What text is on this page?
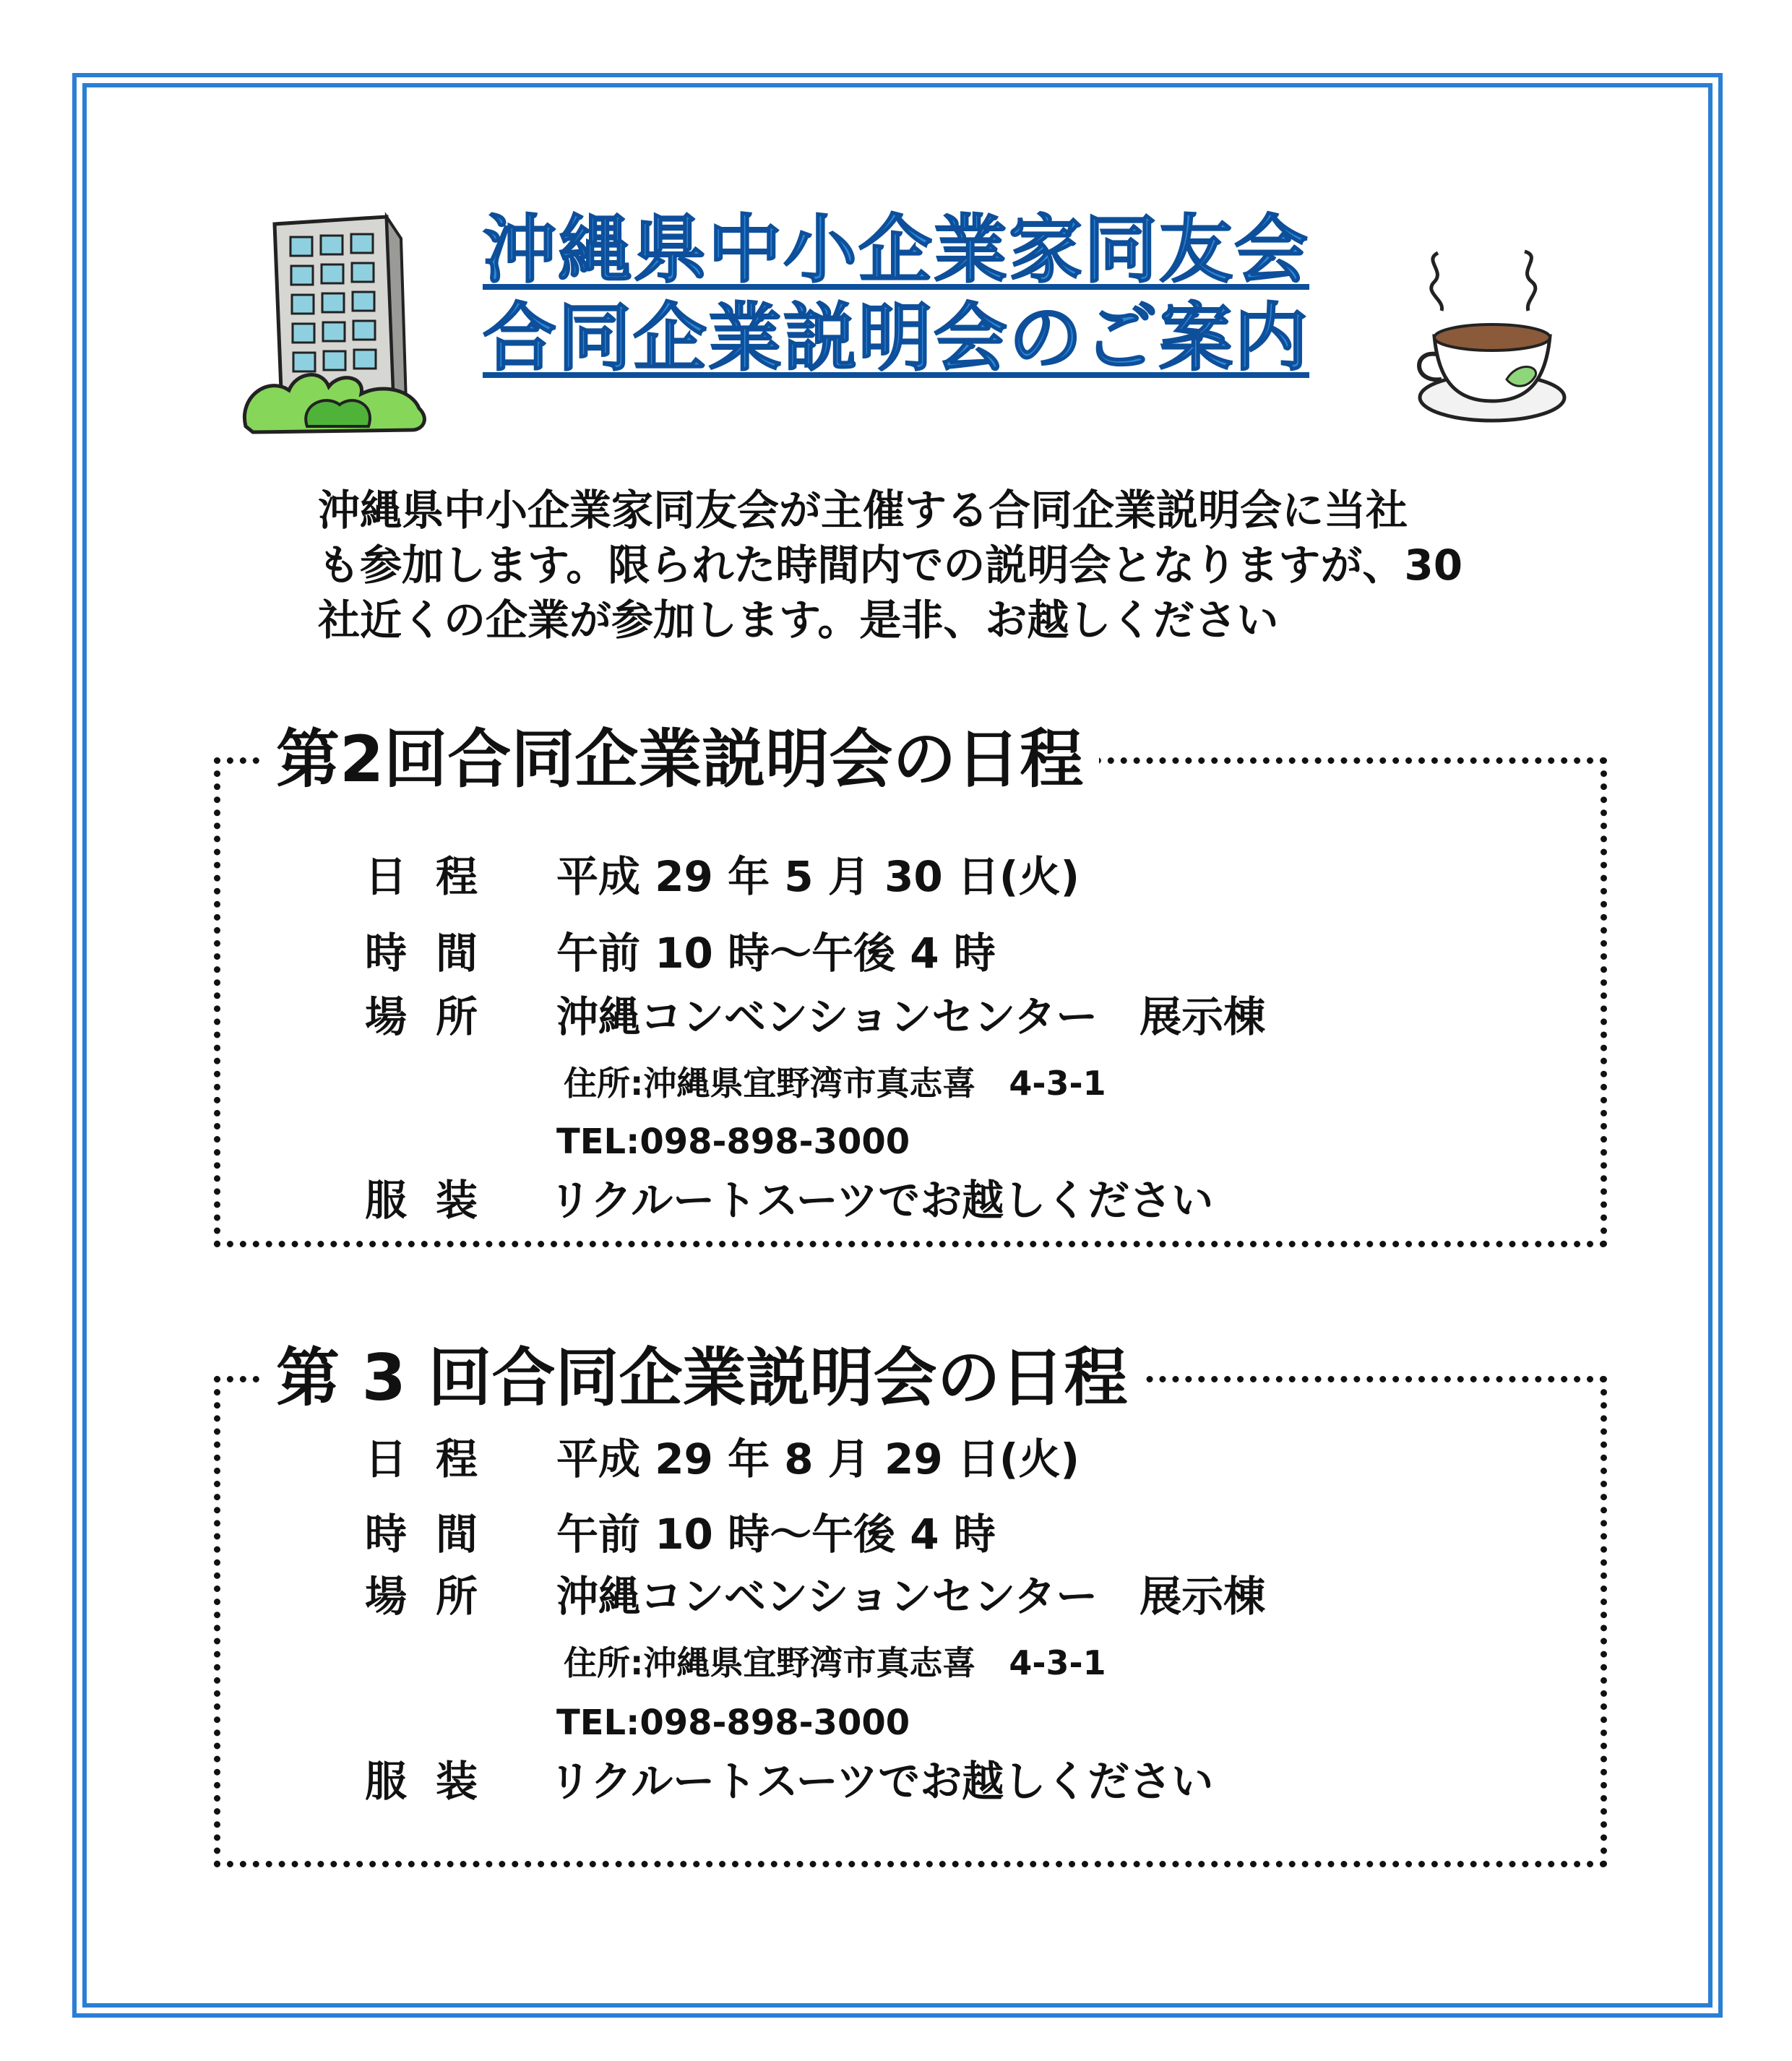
沖縄県中小企業家同友会
合同企業説明会のご案内
沖縄県中小企業家同友会が主催する合同企業説明会に当社
も参加します。限られた時間内での説明会となりますが、30
社近くの企業が参加します。是非、お越しください
第2回合同企業説明会の日程
日程 平成 29 年 5 月 30 日(火)
時間 午前 10 時～午後 4 時
場所 沖縄コンベンションセンター　展示棟
住所:沖縄県宜野湾市真志喜　4-3-1
TEL:098-898-3000
服装 リクルートスーツでお越しください
第 3 回合同企業説明会の日程
日程 平成 29 年 8 月 29 日(火)
時間 午前 10 時～午後 4 時
場所 沖縄コンベンションセンター　展示棟
住所:沖縄県宜野湾市真志喜　4-3-1
TEL:098-898-3000
服装 リクルートスーツでお越しください
